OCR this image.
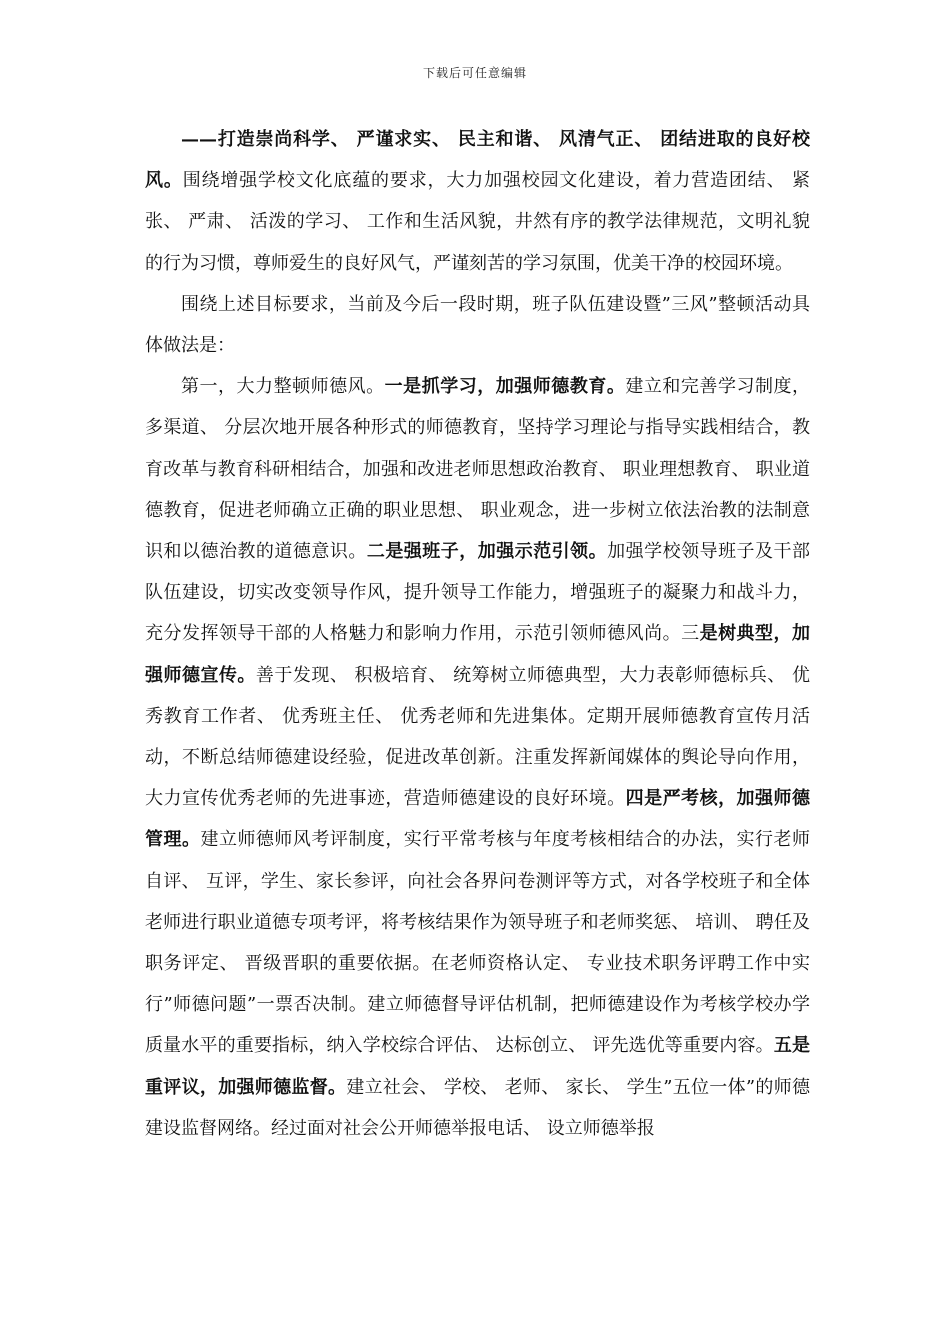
下载后可任意编辑

——打造崇尚科学、 严谨求实、 民主和谐、 风清气正、 团结进取的良好校风。围绕增强学校文化底蕴的要求，大力加强校园文化建设，着力营造团结、 紧张、 严肃、 活泼的学习、 工作和生活风貌，井然有序的教学法律规范，文明礼貌的行为习惯，尊师爱生的良好风气，严谨刻苦的学习氛围，优美干净的校园环境。

围绕上述目标要求，当前及今后一段时期，班子队伍建设暨”三风”整顿活动具体做法是：

第一，大力整顿师德风。一是抓学习，加强师德教育。建立和完善学习制度，多渠道、 分层次地开展各种形式的师德教育，坚持学习理论与指导实践相结合，教育改革与教育科研相结合，加强和改进老师思想政治教育、 职业理想教育、 职业道德教育，促进老师确立正确的职业思想、 职业观念，进一步树立依法治教的法制意识和以德治教的道德意识。二是强班子，加强示范引领。加强学校领导班子及干部队伍建设，切实改变领导作风，提升领导工作能力，增强班子的凝聚力和战斗力，充分发挥领导干部的人格魅力和影响力作用，示范引领师德风尚。三是树典型，加强师德宣传。善于发现、 积极培育、 统筹树立师德典型，大力表彰师德标兵、 优秀教育工作者、 优秀班主任、 优秀老师和先进集体。定期开展师德教育宣传月活动，不断总结师德建设经验，促进改革创新。注重发挥新闻媒体的舆论导向作用，大力宣传优秀老师的先进事迹，营造师德建设的良好环境。四是严考核，加强师德管理。建立师德师风考评制度，实行平常考核与年度考核相结合的办法，实行老师自评、 互评，学生、家长参评，向社会各界问卷测评等方式，对各学校班子和全体老师进行职业道德专项考评，将考核结果作为领导班子和老师奖惩、 培训、 聘任及职务评定、 晋级晋职的重要依据。在老师资格认定、 专业技术职务评聘工作中实行”师德问题”一票否决制。建立师德督导评估机制，把师德建设作为考核学校办学质量水平的重要指标，纳入学校综合评估、 达标创立、 评先选优等重要内容。五是重评议，加强师德监督。建立社会、 学校、 老师、 家长、 学生”五位一体”的师德建设监督网络。经过面对社会公开师德举报电话、 设立师德举报
